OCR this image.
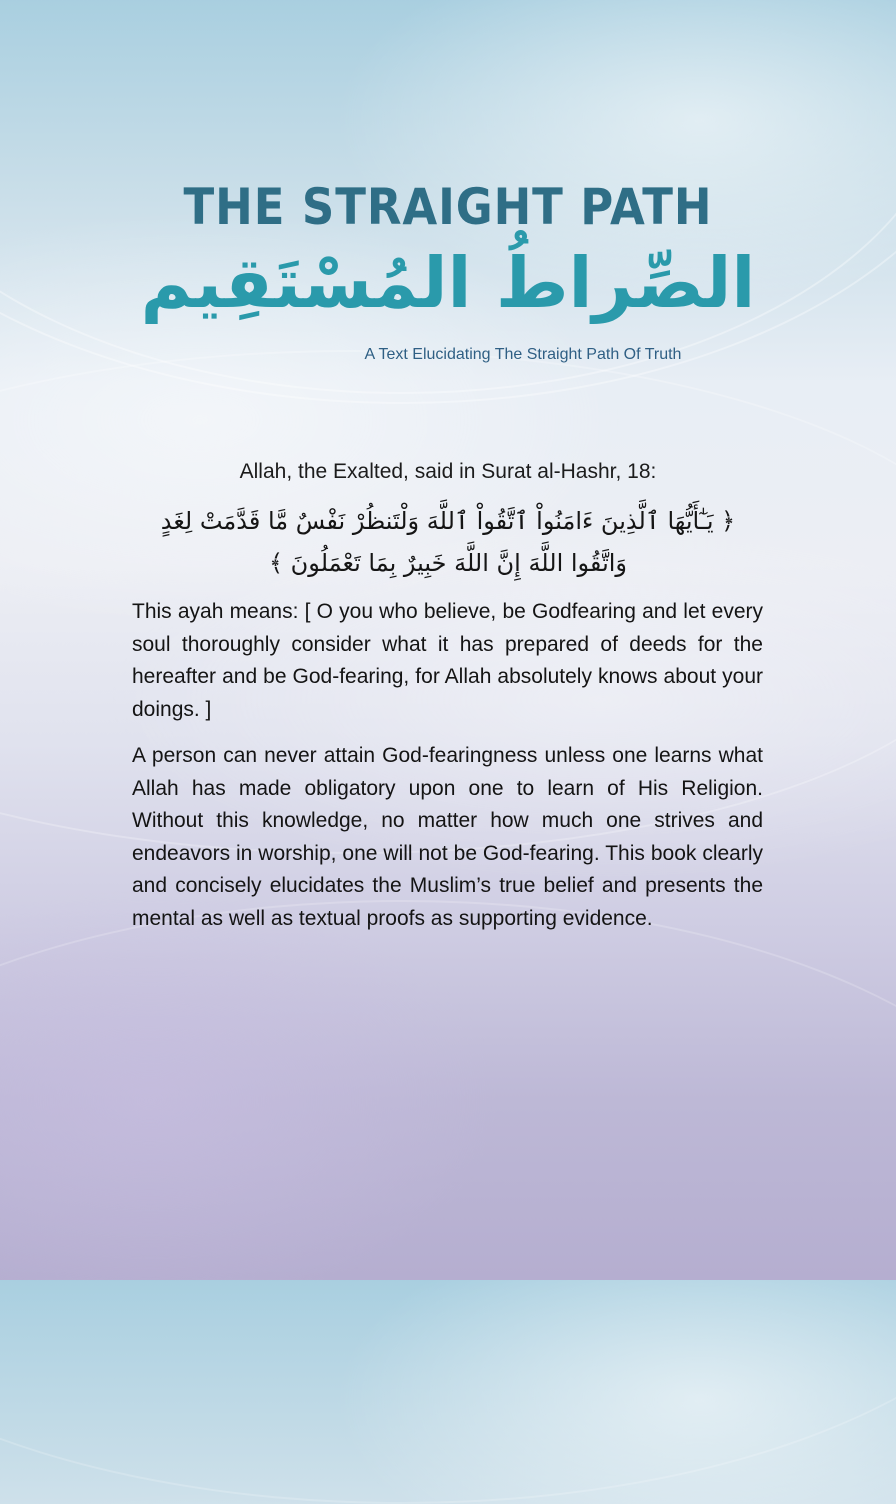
THE STRAIGHT PATH
الصِّراطُ المُسْتَقِيم
A Text Elucidating The Straight Path Of Truth
Allah, the Exalted, said in Surat al-Hashr, 18:
﴿ يَـٰٓأَيُّهَا ٱلَّذِينَ ءَامَنُواْ ٱتَّقُواْ ٱللَّهَ وَلْتَنظُرْ نَفْسٌ مَّا قَدَّمَتْ لِغَدٍ
وَاتَّقُوا اللَّهَ إِنَّ اللَّهَ خَبِيرٌ بِمَا تَعْمَلُونَ ﴾

This ayah means: [ O you who believe, be Godfearing and let every soul thoroughly consider what it has prepared of deeds for the hereafter and be God-fearing, for Allah absolutely knows about your doings. ]

A person can never attain God-fearingness unless one learns what Allah has made obligatory upon one to learn of His Religion. Without this knowledge, no matter how much one strives and endeavors in worship, one will not be God-fearing. This book clearly and concisely elucidates the Muslim’s true belief and presents the mental as well as textual proofs as supporting evidence.
